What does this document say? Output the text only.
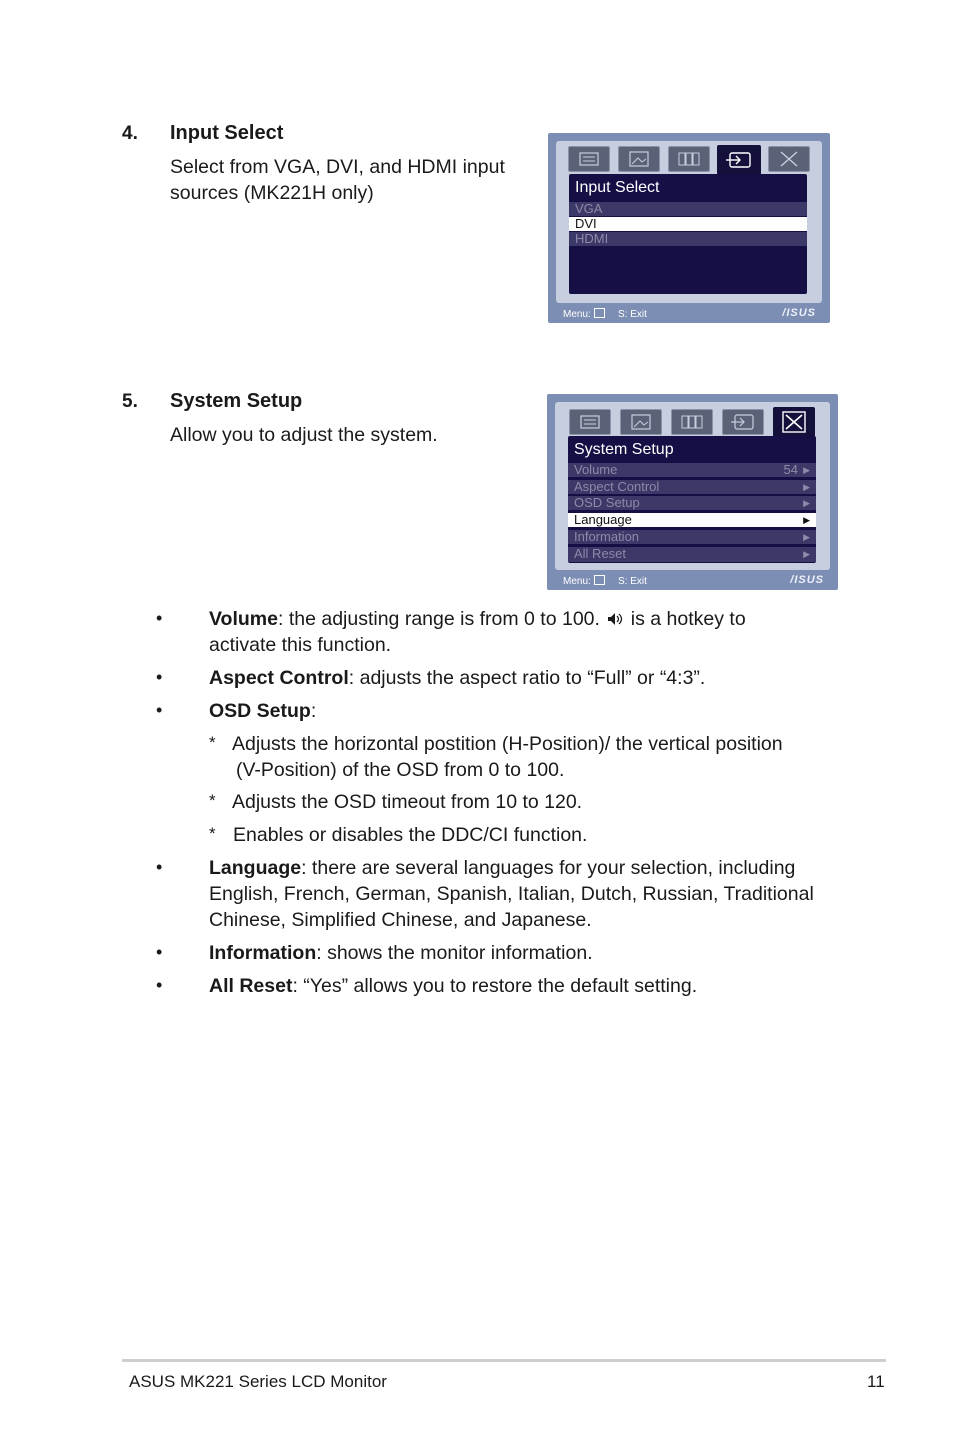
4. Input Select
Select from VGA, DVI, and HDMI input
sources (MK221H only)	Input Select
VGA
DVI
HDMI
Menu:	S: Exit	/ISUS
5. System Setup
Allow you to adjust the system.
System Setup
Volume	54 ▶
Aspect Control	▶
OSD Setup	▶
Language	▶
Information	▶
All Reset	▶
Menu:	S: Exit	/ISUS
• Volume: the adjusting range is from 0 to 100. is a hotkey to
activate this function.
• Aspect Control: adjusts the aspect ratio to “Full” or “4:3”.
• OSD Setup:
* Adjusts the horizontal postition (H-Position)/ the vertical position
(V-Position) of the OSD from 0 to 100.
* Adjusts the OSD timeout from 10 to 120.
* Enables or disables the DDC/CI function.
• Language: there are several languages for your selection, including
English, French, German, Spanish, Italian, Dutch, Russian, Traditional
Chinese, Simplified Chinese, and Japanese.
• Information: shows the monitor information.
• All Reset: “Yes” allows you to restore the default setting.
ASUS MK221 Series LCD Monitor	11
